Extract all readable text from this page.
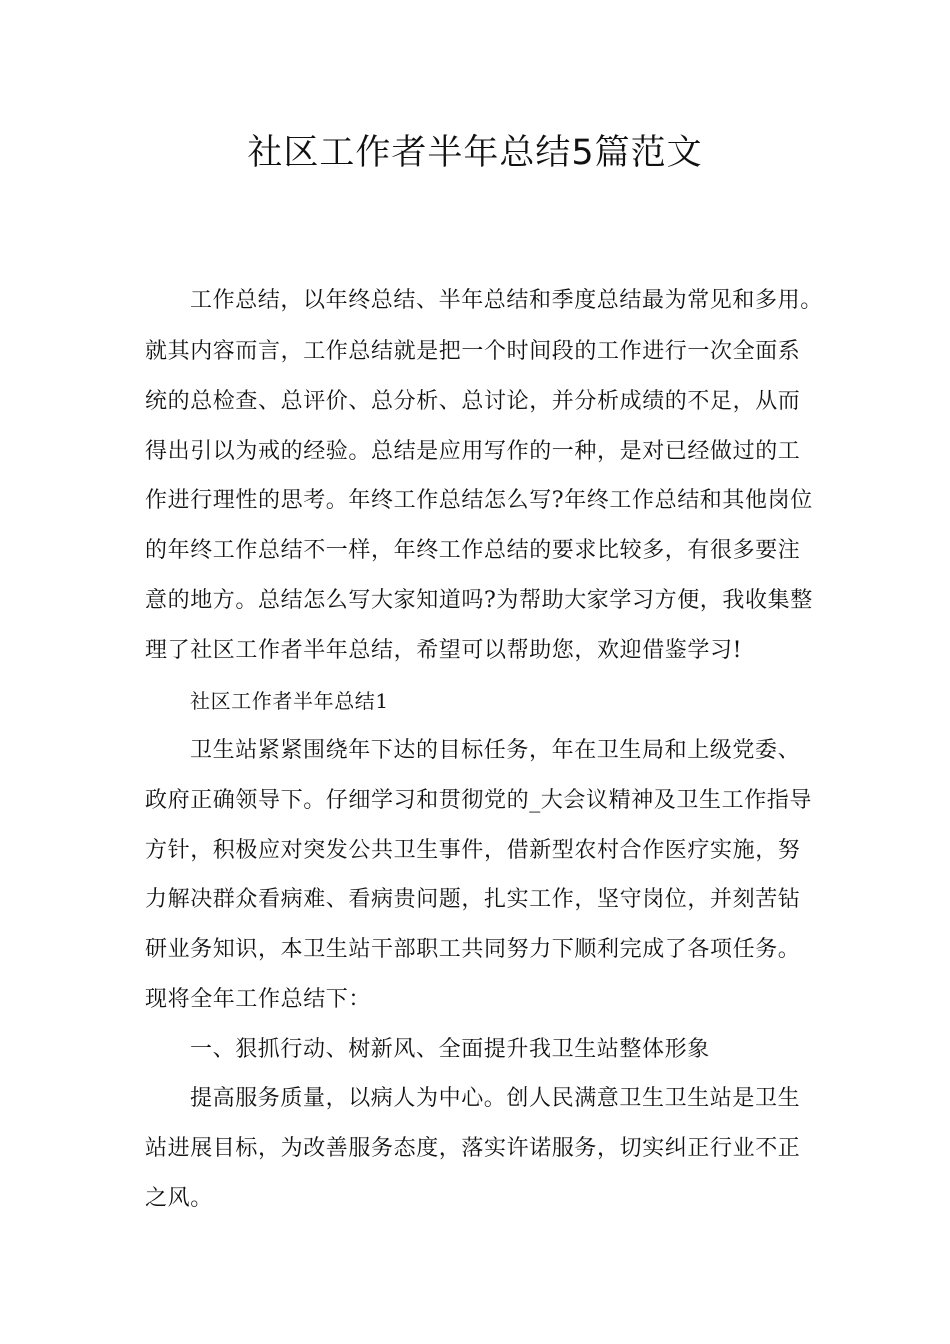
社区工作者半年总结5篇范文
工作总结，以年终总结、半年总结和季度总结最为常见和多用。
就其内容而言，工作总结就是把一个时间段的工作进行一次全面系
统的总检查、总评价、总分析、总讨论，并分析成绩的不足，从而
得出引以为戒的经验。总结是应用写作的一种，是对已经做过的工
作进行理性的思考。年终工作总结怎么写?年终工作总结和其他岗位
的年终工作总结不一样，年终工作总结的要求比较多，有很多要注
意的地方。总结怎么写大家知道吗?为帮助大家学习方便，我收集整
理了社区工作者半年总结，希望可以帮助您，欢迎借鉴学习!
社区工作者半年总结1
卫生站紧紧围绕年下达的目标任务，年在卫生局和上级党委、
政府正确领导下。仔细学习和贯彻党的_大会议精神及卫生工作指导
方针，积极应对突发公共卫生事件，借新型农村合作医疗实施，努
力解决群众看病难、看病贵问题，扎实工作，坚守岗位，并刻苦钻
研业务知识，本卫生站干部职工共同努力下顺利完成了各项任务。
现将全年工作总结下：
一、狠抓行动、树新风、全面提升我卫生站整体形象
提高服务质量，以病人为中心。创人民满意卫生卫生站是卫生
站进展目标，为改善服务态度，落实许诺服务，切实纠正行业不正
之风。
